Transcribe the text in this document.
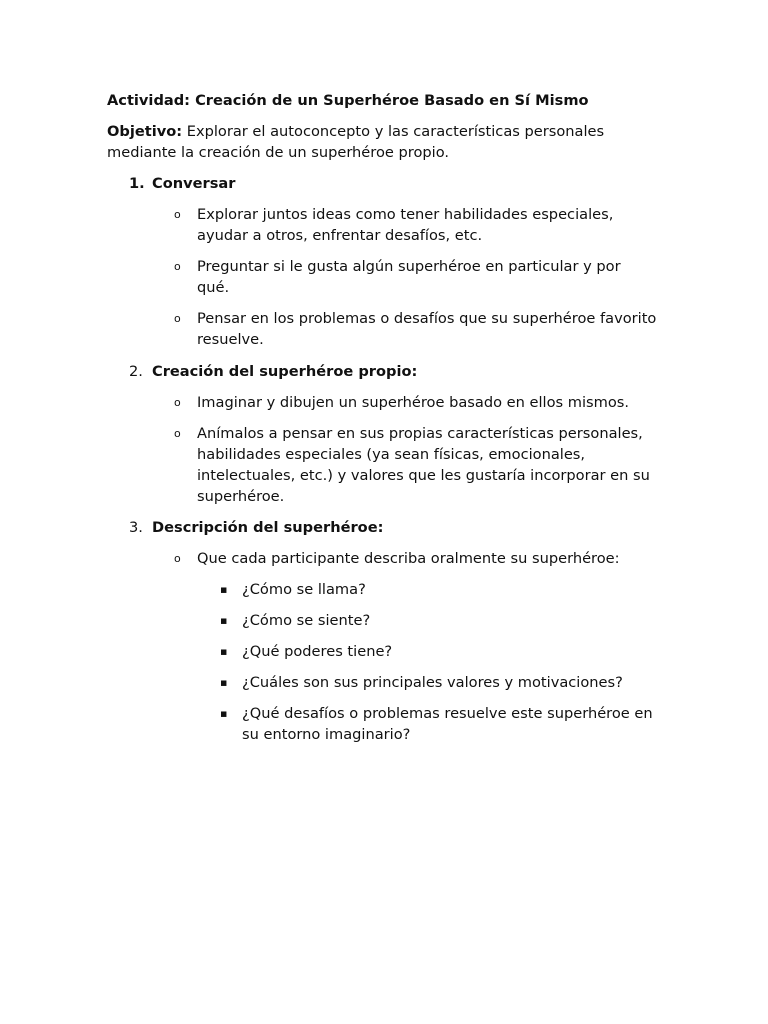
Actividad: Creación de un Superhéroe Basado en Sí Mismo

Objetivo: Explorar el autoconcepto y las características personales mediante la creación de un superhéroe propio.

1. Conversar
o Explorar juntos ideas como tener habilidades especiales, ayudar a otros, enfrentar desafíos, etc.
o Preguntar si le gusta algún superhéroe en particular y por qué.
o Pensar en los problemas o desafíos que su superhéroe favorito resuelve.
2. Creación del superhéroe propio:
o Imaginar y dibujen un superhéroe basado en ellos mismos.
o Anímalos a pensar en sus propias características personales, habilidades especiales (ya sean físicas, emocionales, intelectuales, etc.) y valores que les gustaría incorporar en su superhéroe.
3. Descripción del superhéroe:
o Que cada participante describa oralmente su superhéroe:
▪ ¿Cómo se llama?
▪ ¿Cómo se siente?
▪ ¿Qué poderes tiene?
▪ ¿Cuáles son sus principales valores y motivaciones?
▪ ¿Qué desafíos o problemas resuelve este superhéroe en su entorno imaginario?
